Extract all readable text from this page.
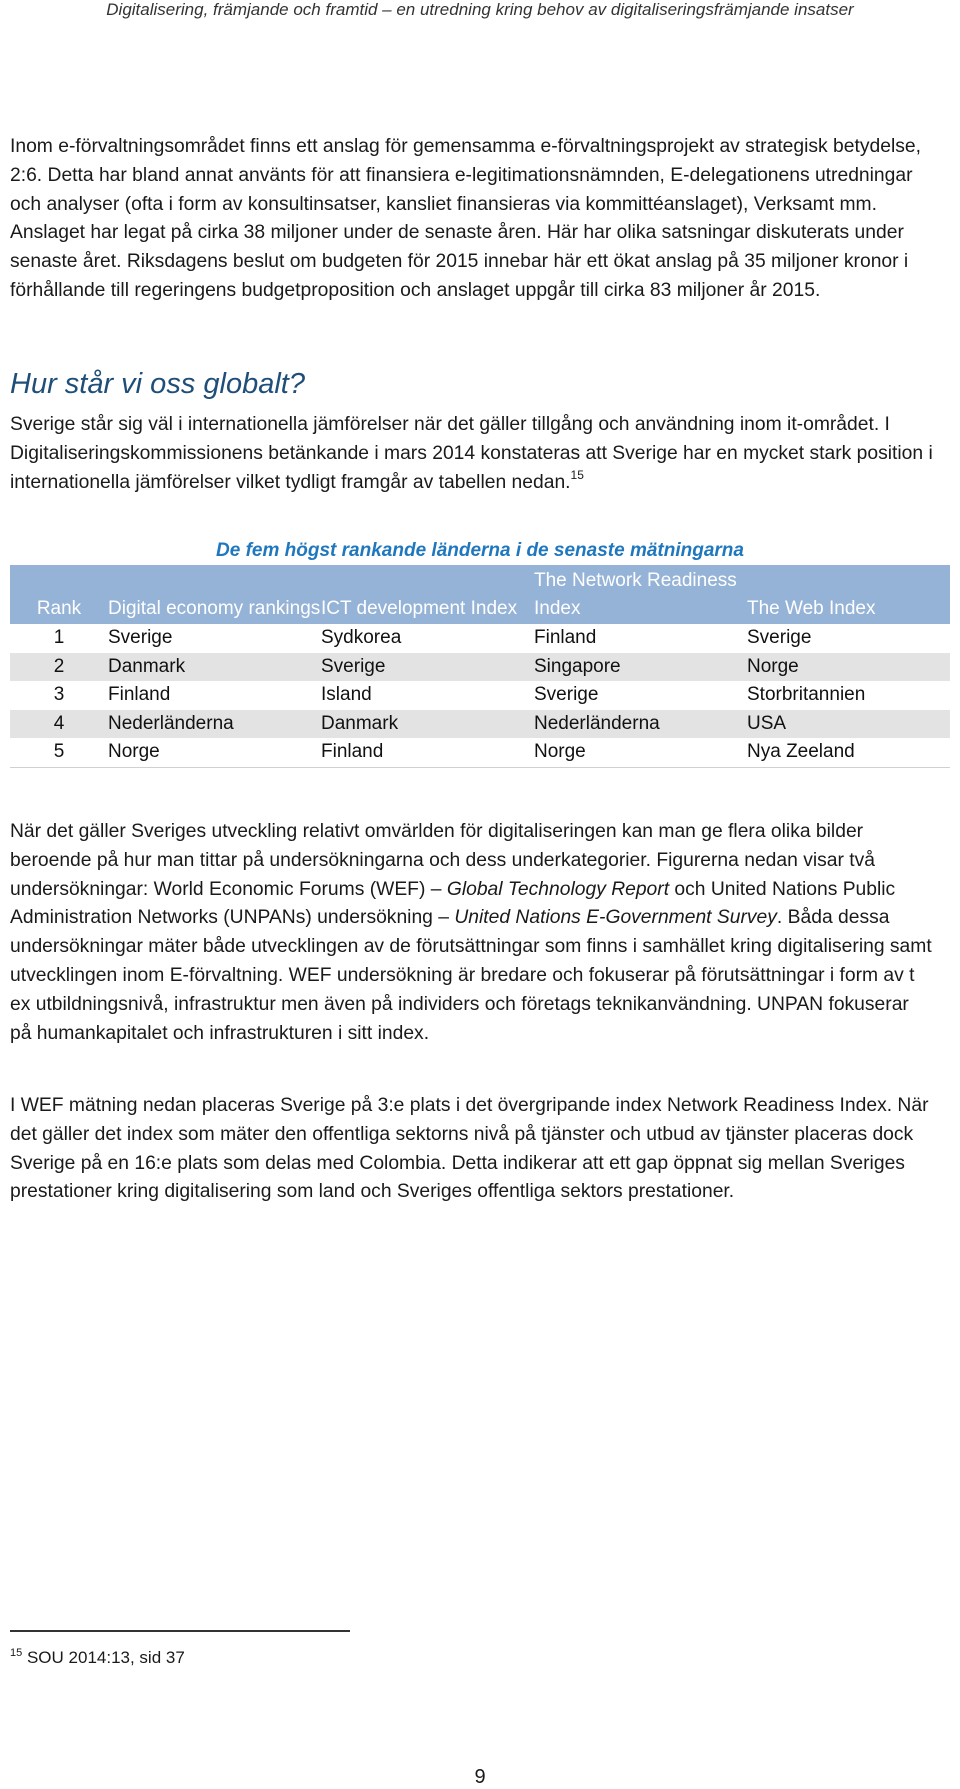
Digitalisering, främjande och framtid – en utredning kring behov av digitaliseringsfrämjande insatser

Inom e-förvaltningsområdet finns ett anslag för gemensamma e-förvaltningsprojekt av strategisk betydelse, 2:6. Detta har bland annat använts för att finansiera e-legitimationsnämnden, E-delegationens utredningar och analyser (ofta i form av konsultinsatser, kansliet finansieras via kommittéanslaget), Verksamt mm. Anslaget har legat på cirka 38 miljoner under de senaste åren. Här har olika satsningar diskuterats under senaste året. Riksdagens beslut om budgeten för 2015 innebar här ett ökat anslag på 35 miljoner kronor i förhållande till regeringens budgetproposition och anslaget uppgår till cirka 83 miljoner år 2015.

Hur står vi oss globalt?

Sverige står sig väl i internationella jämförelser när det gäller tillgång och användning inom it-området. I Digitaliseringskommissionens betänkande i mars 2014 konstateras att Sverige har en mycket stark position i internationella jämförelser vilket tydligt framgår av tabellen nedan.$^{15}$

De fem högst rankande länderna i de senaste mätningarna
Rank	Digital economy rankings	ICT development Index	The Network Readiness Index	The Web Index
1	Sverige	Sydkorea	Finland	Sverige
2	Danmark	Sverige	Singapore	Norge
3	Finland	Island	Sverige	Storbritannien
4	Nederländerna	Danmark	Nederländerna	USA
5	Norge	Finland	Norge	Nya Zeeland

När det gäller Sveriges utveckling relativt omvärlden för digitaliseringen kan man ge flera olika bilder beroende på hur man tittar på undersökningarna och dess underkategorier. Figurerna nedan visar två undersökningar: World Economic Forums (WEF) – Global Technology Report och United Nations Public Administration Networks (UNPANs) undersökning – United Nations E-Government Survey. Båda dessa undersökningar mäter både utvecklingen av de förutsättningar som finns i samhället kring digitalisering samt utvecklingen inom E-förvaltning. WEF undersökning är bredare och fokuserar på förutsättningar i form av t ex utbildningsnivå, infrastruktur men även på individers och företags teknikanvändning. UNPAN fokuserar på humankapitalet och infrastrukturen i sitt index.

I WEF mätning nedan placeras Sverige på 3:e plats i det övergripande index Network Readiness Index. När det gäller det index som mäter den offentliga sektorns nivå på tjänster och utbud av tjänster placeras dock Sverige på en 16:e plats som delas med Colombia. Detta indikerar att ett gap öppnat sig mellan Sveriges prestationer kring digitalisering som land och Sveriges offentliga sektors prestationer.

$^{15}$ SOU 2014:13, sid 37
9
